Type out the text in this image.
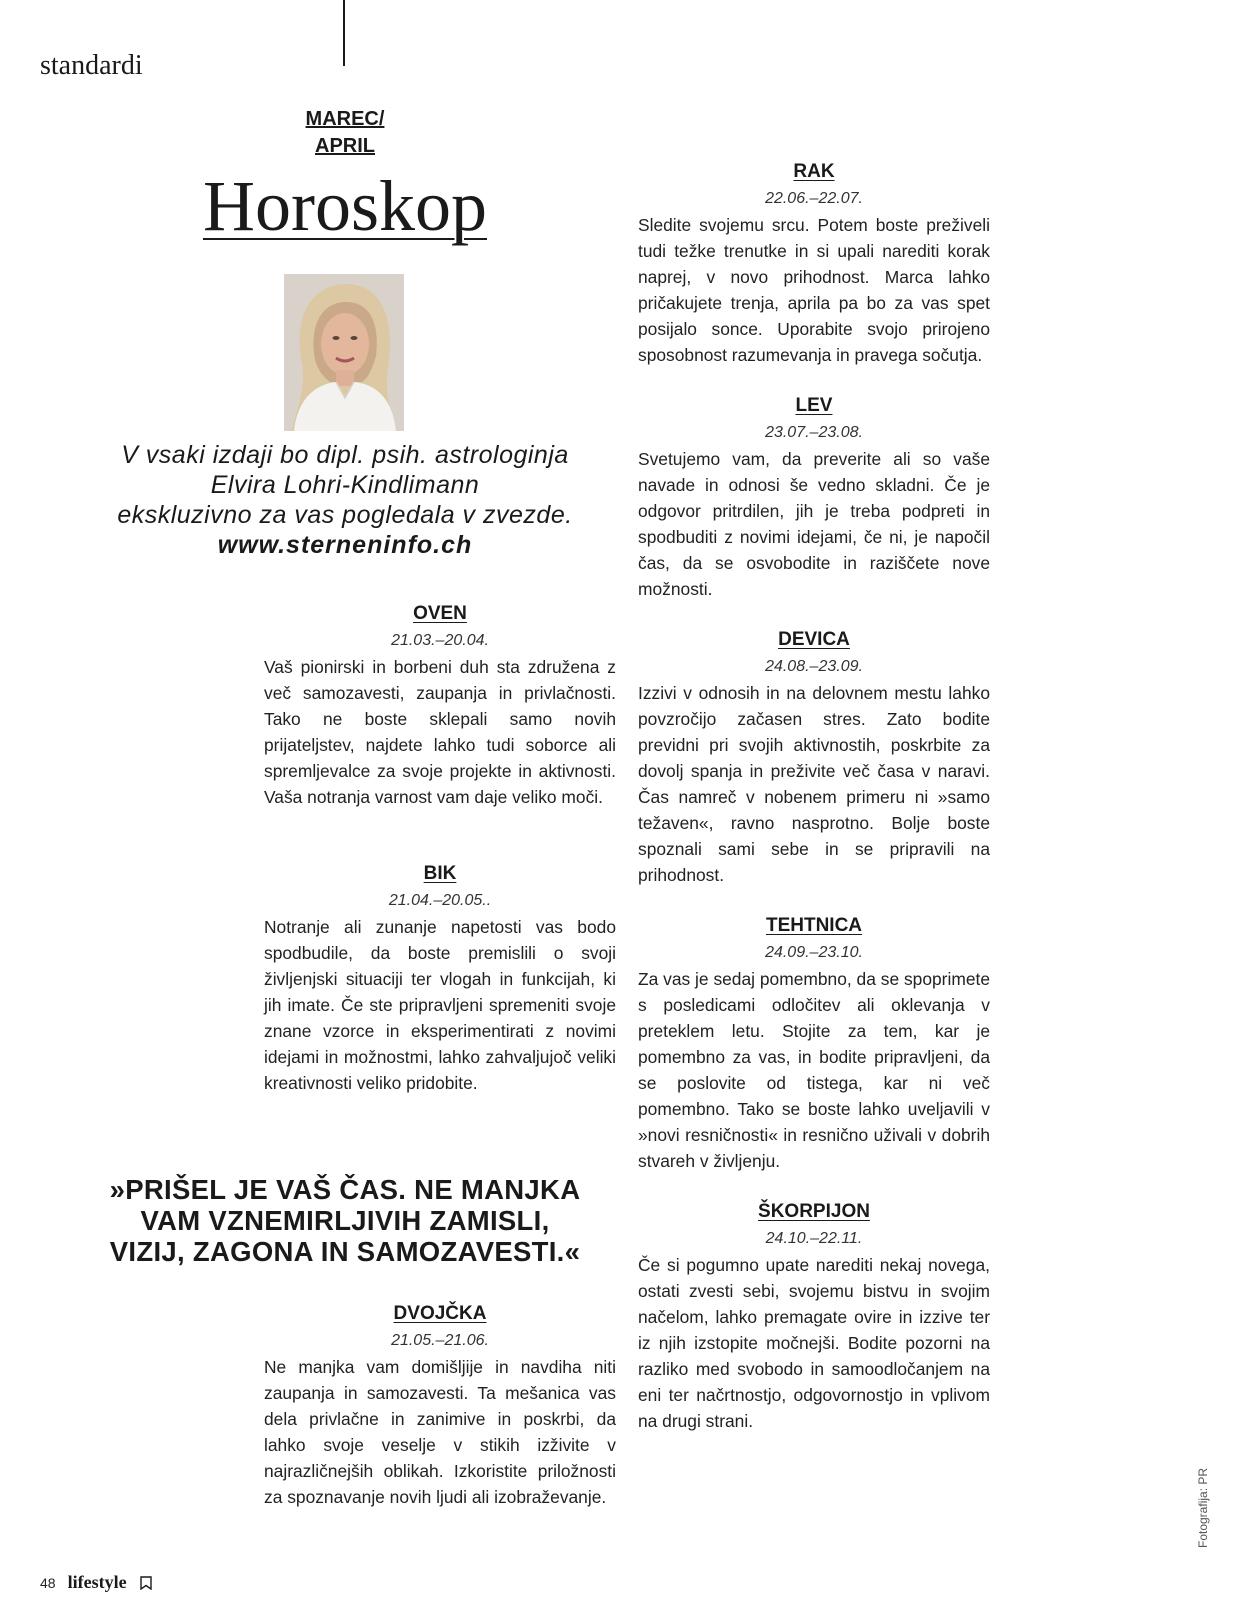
standardi
MAREC/
APRIL
Horoskop
V vsaki izdaji bo dipl. psih. astrologinja
Elvira Lohri-Kindlimann
ekskluzivno za vas pogledala v zvezde.
www.sterneninfo.ch
OVEN
21.03.–20.04.
Vaš pionirski in borbeni duh sta združena z več samozavesti, zaupanja in privlačnosti. Tako ne boste sklepali samo novih prijateljstev, najdete lahko tudi soborce ali spremljevalce za svoje projekte in aktivnosti. Vaša notranja varnost vam daje veliko moči.
BIK
21.04.–20.05..
Notranje ali zunanje napetosti vas bodo spodbudile, da boste premislili o svoji življenjski situaciji ter vlogah in funkcijah, ki jih imate. Če ste pripravljeni spremeniti svoje znane vzorce in eksperimentirati z novimi idejami in možnostmi, lahko zahvaljujoč veliki kreativnosti veliko pridobite.
»PRIŠEL JE VAŠ ČAS. NE MANJKA
VAM VZNEMIRLJIVIH ZAMISLI,
VIZIJ, ZAGONA IN SAMOZAVESTI.«
DVOJČKA
21.05.–21.06.
Ne manjka vam domišljije in navdiha niti zaupanja in samozavesti. Ta mešanica vas dela privlačne in zanimive in poskrbi, da lahko svoje veselje v stikih izživite v najrazličnejših oblikah. Izkoristite priložnosti za spoznavanje novih ljudi ali izobraževanje.
RAK
22.06.–22.07.
Sledite svojemu srcu. Potem boste preživeli tudi težke trenutke in si upali narediti korak naprej, v novo prihodnost. Marca lahko pričakujete trenja, aprila pa bo za vas spet posijalo sonce. Uporabite svojo prirojeno sposobnost razumevanja in pravega sočutja.
LEV
23.07.–23.08.
Svetujemo vam, da preverite ali so vaše navade in odnosi še vedno skladni. Če je odgovor pritrdilen, jih je treba podpreti in spodbuditi z novimi idejami, če ni, je napočil čas, da se osvobodite in raziščete nove možnosti.
DEVICA
24.08.–23.09.
Izzivi v odnosih in na delovnem mestu lahko povzročijo začasen stres. Zato bodite previdni pri svojih aktivnostih, poskrbite za dovolj spanja in preživite več časa v naravi. Čas namreč v nobenem primeru ni »samo težaven«, ravno nasprotno. Bolje boste spoznali sami sebe in se pripravili na prihodnost.
TEHTNICA
24.09.–23.10.
Za vas je sedaj pomembno, da se spoprimete s posledicami odločitev ali oklevanja v preteklem letu. Stojite za tem, kar je pomembno za vas, in bodite pripravljeni, da se poslovite od tistega, kar ni več pomembno. Tako se boste lahko uveljavili v »novi resničnosti« in resnično uživali v dobrih stvareh v življenju.
ŠKORPIJON
24.10.–22.11.
Če si pogumno upate narediti nekaj novega, ostati zvesti sebi, svojemu bistvu in svojim načelom, lahko premagate ovire in izzive ter iz njih izstopite močnejši. Bodite pozorni na razliko med svobodo in samoodločanjem na eni ter načrtnostjo, odgovornostjo in vplivom na drugi strani.
Fotografija: PR
48 lifestyle
